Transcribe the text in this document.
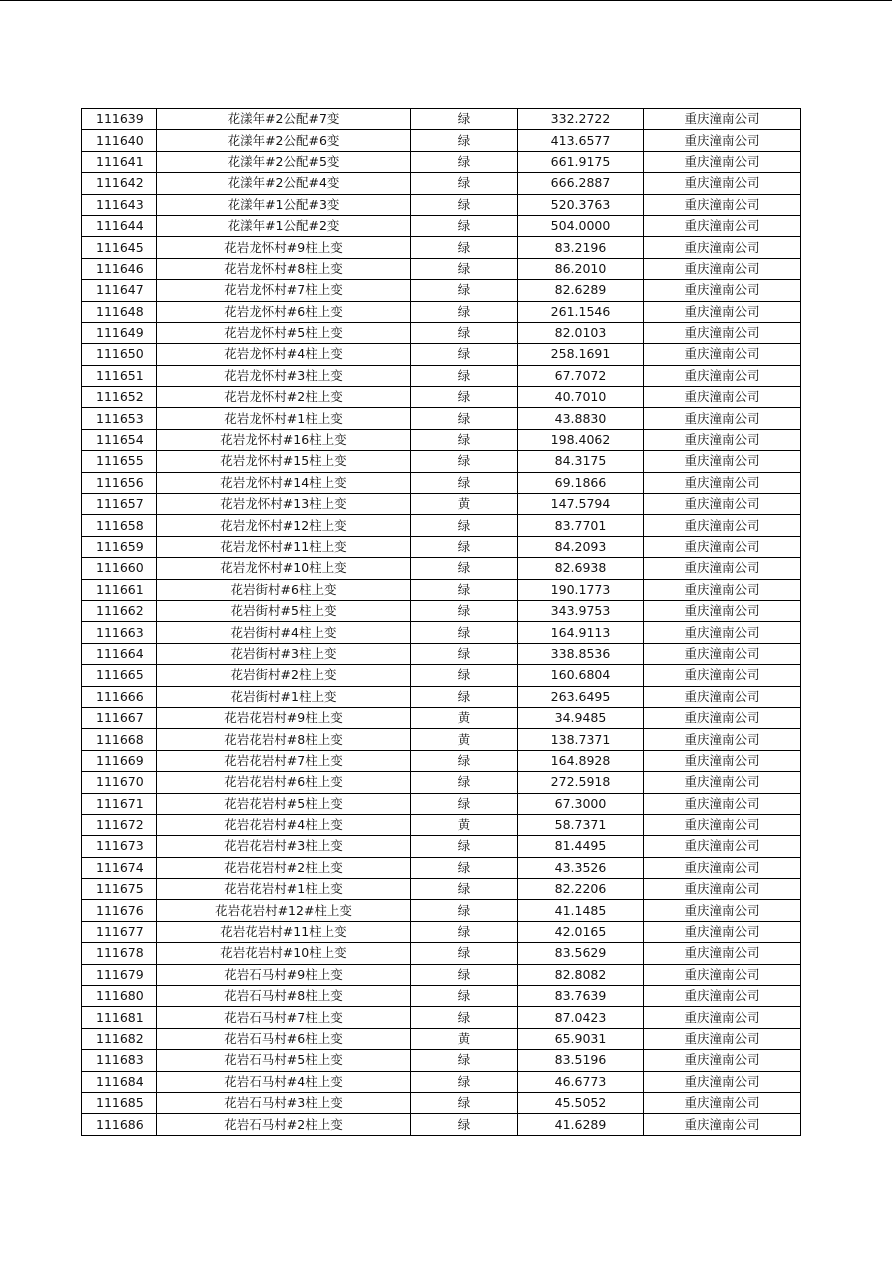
111639	花漾年#2公配#7变	绿	332.2722	重庆潼南公司
111640	花漾年#2公配#6变	绿	413.6577	重庆潼南公司
111641	花漾年#2公配#5变	绿	661.9175	重庆潼南公司
111642	花漾年#2公配#4变	绿	666.2887	重庆潼南公司
111643	花漾年#1公配#3变	绿	520.3763	重庆潼南公司
111644	花漾年#1公配#2变	绿	504.0000	重庆潼南公司
111645	花岩龙怀村#9柱上变	绿	83.2196	重庆潼南公司
111646	花岩龙怀村#8柱上变	绿	86.2010	重庆潼南公司
111647	花岩龙怀村#7柱上变	绿	82.6289	重庆潼南公司
111648	花岩龙怀村#6柱上变	绿	261.1546	重庆潼南公司
111649	花岩龙怀村#5柱上变	绿	82.0103	重庆潼南公司
111650	花岩龙怀村#4柱上变	绿	258.1691	重庆潼南公司
111651	花岩龙怀村#3柱上变	绿	67.7072	重庆潼南公司
111652	花岩龙怀村#2柱上变	绿	40.7010	重庆潼南公司
111653	花岩龙怀村#1柱上变	绿	43.8830	重庆潼南公司
111654	花岩龙怀村#16柱上变	绿	198.4062	重庆潼南公司
111655	花岩龙怀村#15柱上变	绿	84.3175	重庆潼南公司
111656	花岩龙怀村#14柱上变	绿	69.1866	重庆潼南公司
111657	花岩龙怀村#13柱上变	黄	147.5794	重庆潼南公司
111658	花岩龙怀村#12柱上变	绿	83.7701	重庆潼南公司
111659	花岩龙怀村#11柱上变	绿	84.2093	重庆潼南公司
111660	花岩龙怀村#10柱上变	绿	82.6938	重庆潼南公司
111661	花岩街村#6柱上变	绿	190.1773	重庆潼南公司
111662	花岩街村#5柱上变	绿	343.9753	重庆潼南公司
111663	花岩街村#4柱上变	绿	164.9113	重庆潼南公司
111664	花岩街村#3柱上变	绿	338.8536	重庆潼南公司
111665	花岩街村#2柱上变	绿	160.6804	重庆潼南公司
111666	花岩街村#1柱上变	绿	263.6495	重庆潼南公司
111667	花岩花岩村#9柱上变	黄	34.9485	重庆潼南公司
111668	花岩花岩村#8柱上变	黄	138.7371	重庆潼南公司
111669	花岩花岩村#7柱上变	绿	164.8928	重庆潼南公司
111670	花岩花岩村#6柱上变	绿	272.5918	重庆潼南公司
111671	花岩花岩村#5柱上变	绿	67.3000	重庆潼南公司
111672	花岩花岩村#4柱上变	黄	58.7371	重庆潼南公司
111673	花岩花岩村#3柱上变	绿	81.4495	重庆潼南公司
111674	花岩花岩村#2柱上变	绿	43.3526	重庆潼南公司
111675	花岩花岩村#1柱上变	绿	82.2206	重庆潼南公司
111676	花岩花岩村#12#柱上变	绿	41.1485	重庆潼南公司
111677	花岩花岩村#11柱上变	绿	42.0165	重庆潼南公司
111678	花岩花岩村#10柱上变	绿	83.5629	重庆潼南公司
111679	花岩石马村#9柱上变	绿	82.8082	重庆潼南公司
111680	花岩石马村#8柱上变	绿	83.7639	重庆潼南公司
111681	花岩石马村#7柱上变	绿	87.0423	重庆潼南公司
111682	花岩石马村#6柱上变	黄	65.9031	重庆潼南公司
111683	花岩石马村#5柱上变	绿	83.5196	重庆潼南公司
111684	花岩石马村#4柱上变	绿	46.6773	重庆潼南公司
111685	花岩石马村#3柱上变	绿	45.5052	重庆潼南公司
111686	花岩石马村#2柱上变	绿	41.6289	重庆潼南公司
